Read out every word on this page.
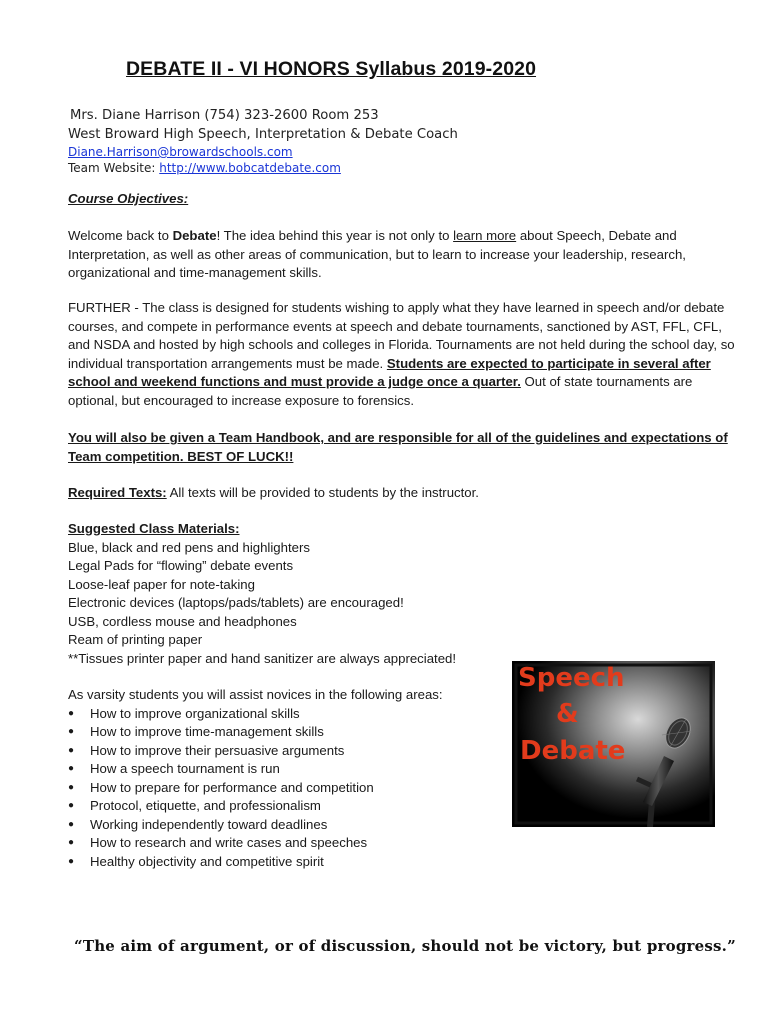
DEBATE II - VI HONORS Syllabus 2019-2020
Mrs. Diane Harrison (754) 323-2600 Room 253
West Broward High Speech, Interpretation & Debate Coach
Diane.Harrison@browardschools.com
Team Website: http://www.bobcatdebate.com
Course Objectives:
Welcome back to Debate! The idea behind this year is not only to learn more about Speech, Debate and Interpretation, as well as other areas of communication, but to learn to increase your leadership, research, organizational and time-management skills.
FURTHER - The class is designed for students wishing to apply what they have learned in speech and/or debate courses, and compete in performance events at speech and debate tournaments, sanctioned by AST, FFL, CFL, and NSDA and hosted by high schools and colleges in Florida. Tournaments are not held during the school day, so individual transportation arrangements must be made. Students are expected to participate in several after school and weekend functions and must provide a judge once a quarter. Out of state tournaments are optional, but encouraged to increase exposure to forensics.
You will also be given a Team Handbook, and are responsible for all of the guidelines and expectations of Team competition. BEST OF LUCK!!
Required Texts: All texts will be provided to students by the instructor.
Suggested Class Materials:
Blue, black and red pens and highlighters
Legal Pads for “flowing” debate events
Loose-leaf paper for note-taking
Electronic devices (laptops/pads/tablets) are encouraged!
USB, cordless mouse and headphones
Ream of printing paper
**Tissues printer paper and hand sanitizer are always appreciated!
As varsity students you will assist novices in the following areas:
● How to improve organizational skills
● How to improve time-management skills
● How to improve their persuasive arguments
● How a speech tournament is run
● How to prepare for performance and competition
● Protocol, etiquette, and professionalism
● Working independently toward deadlines
● How to research and write cases and speeches
● Healthy objectivity and competitive spirit
Speech
&
Debate
“The aim of argument, or of discussion, should not be victory, but progress.”
